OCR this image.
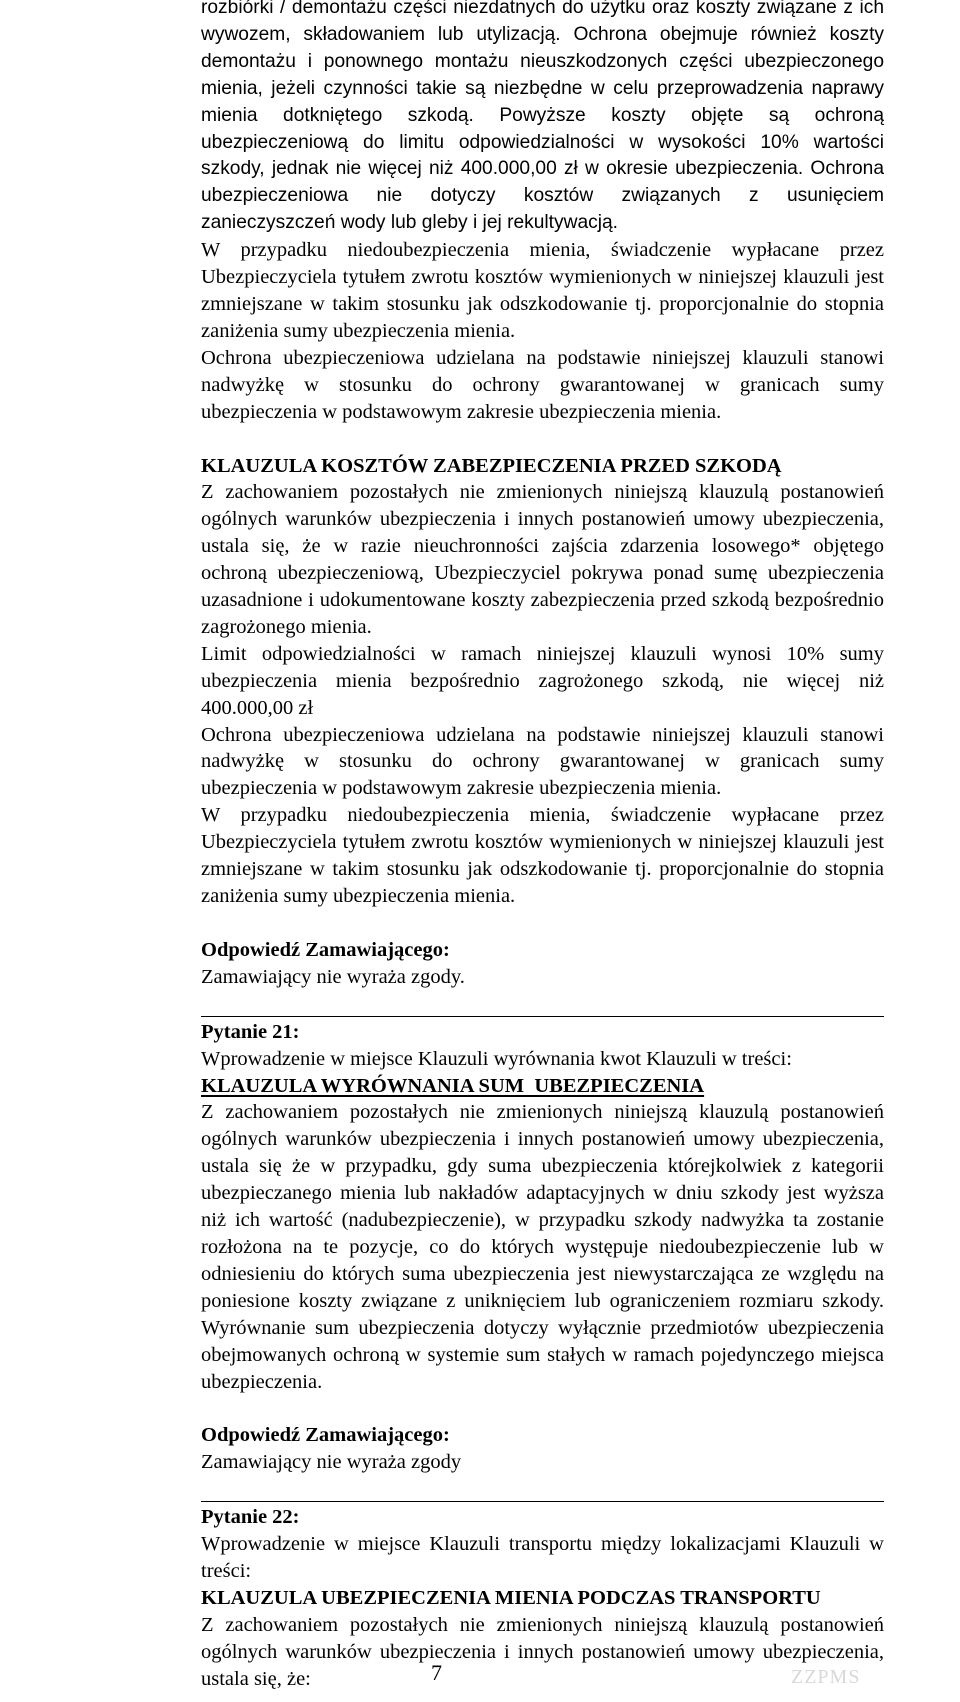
rozbiórki / demontażu części niezdatnych do użytku oraz koszty związane z ich wywozem, składowaniem lub utylizacją. Ochrona obejmuje również koszty demontażu i ponownego montażu nieuszkodzonych części ubezpieczonego mienia, jeżeli czynności takie są niezbędne w celu przeprowadzenia naprawy mienia dotkniętego szkodą. Powyższe koszty objęte są ochroną ubezpieczeniową do limitu odpowiedzialności w wysokości 10% wartości szkody, jednak nie więcej niż 400.000,00 zł w okresie ubezpieczenia. Ochrona ubezpieczeniowa nie dotyczy kosztów związanych z usunięciem zanieczyszczeń wody lub gleby i jej rekultywacją.

W przypadku niedoubezpieczenia mienia, świadczenie wypłacane przez Ubezpieczyciela tytułem zwrotu kosztów wymienionych w niniejszej klauzuli jest zmniejszane w takim stosunku jak odszkodowanie tj. proporcjonalnie do stopnia zaniżenia sumy ubezpieczenia mienia.

Ochrona ubezpieczeniowa udzielana na podstawie niniejszej klauzuli stanowi nadwyżkę w stosunku do ochrony gwarantowanej w granicach sumy ubezpieczenia w podstawowym zakresie ubezpieczenia mienia.

KLAUZULA KOSZTÓW ZABEZPIECZENIA PRZED SZKODĄ

Z zachowaniem pozostałych nie zmienionych niniejszą klauzulą postanowień ogólnych warunków ubezpieczenia i innych postanowień umowy ubezpieczenia, ustala się, że w razie nieuchronności zajścia zdarzenia losowego* objętego ochroną ubezpieczeniową, Ubezpieczyciel pokrywa ponad sumę ubezpieczenia uzasadnione i udokumentowane koszty zabezpieczenia przed szkodą bezpośrednio zagrożonego mienia.

Limit odpowiedzialności w ramach niniejszej klauzuli wynosi 10% sumy ubezpieczenia mienia bezpośrednio zagrożonego szkodą, nie więcej niż 400.000,00 zł

Ochrona ubezpieczeniowa udzielana na podstawie niniejszej klauzuli stanowi nadwyżkę w stosunku do ochrony gwarantowanej w granicach sumy ubezpieczenia w podstawowym zakresie ubezpieczenia mienia.

W przypadku niedoubezpieczenia mienia, świadczenie wypłacane przez Ubezpieczyciela tytułem zwrotu kosztów wymienionych w niniejszej klauzuli jest zmniejszane w takim stosunku jak odszkodowanie tj. proporcjonalnie do stopnia zaniżenia sumy ubezpieczenia mienia.

Odpowiedź Zamawiającego:

Zamawiający nie wyraża zgody.

Pytanie 21:

Wprowadzenie w miejsce Klauzuli wyrównania kwot Klauzuli w treści:

KLAUZULA WYRÓWNANIA SUM  UBEZPIECZENIA

Z zachowaniem pozostałych nie zmienionych niniejszą klauzulą postanowień ogólnych warunków ubezpieczenia i innych postanowień umowy ubezpieczenia, ustala się że w przypadku, gdy suma ubezpieczenia którejkolwiek z kategorii ubezpieczanego mienia lub nakładów adaptacyjnych w dniu szkody jest wyższa niż ich wartość (nadubezpieczenie), w przypadku szkody nadwyżka ta zostanie rozłożona na te pozycje, co do których występuje niedoubezpieczenie lub w odniesieniu do których suma ubezpieczenia jest niewystarczająca ze względu na poniesione koszty związane z uniknięciem lub ograniczeniem rozmiaru szkody. Wyrównanie sum ubezpieczenia dotyczy wyłącznie przedmiotów ubezpieczenia obejmowanych ochroną w systemie sum stałych w ramach pojedynczego miejsca ubezpieczenia.

Odpowiedź Zamawiającego:

Zamawiający nie wyraża zgody

Pytanie 22:

Wprowadzenie w miejsce Klauzuli transportu między lokalizacjami Klauzuli w treści:

KLAUZULA UBEZPIECZENIA MIENIA PODCZAS TRANSPORTU

Z zachowaniem pozostałych nie zmienionych niniejszą klauzulą postanowień ogólnych warunków ubezpieczenia i innych postanowień umowy ubezpieczenia, ustala się, że:	7	ZZPMS
